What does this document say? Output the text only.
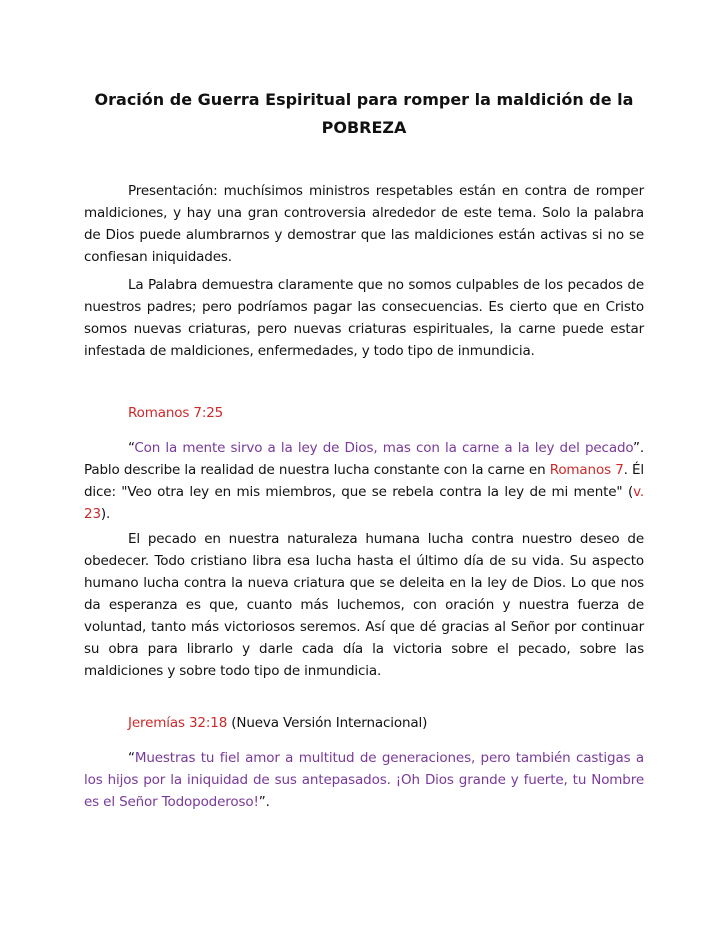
Oración de Guerra Espiritual para romper la maldición de la POBREZA

Presentación: muchísimos ministros respetables están en contra de romper maldiciones, y hay una gran controversia alrededor de este tema. Solo la palabra de Dios puede alumbrarnos y demostrar que las maldiciones están activas si no se confiesan iniquidades.

La Palabra demuestra claramente que no somos culpables de los pecados de nuestros padres; pero podríamos pagar las consecuencias. Es cierto que en Cristo somos nuevas criaturas, pero nuevas criaturas espirituales, la carne puede estar infestada de maldiciones, enfermedades, y todo tipo de inmundicia.

Romanos 7:25

“Con la mente sirvo a la ley de Dios, mas con la carne a la ley del pecado”. Pablo describe la realidad de nuestra lucha constante con la carne en Romanos 7. Él dice: "Veo otra ley en mis miembros, que se rebela contra la ley de mi mente" (v. 23).

El pecado en nuestra naturaleza humana lucha contra nuestro deseo de obedecer. Todo cristiano libra esa lucha hasta el último día de su vida. Su aspecto humano lucha contra la nueva criatura que se deleita en la ley de Dios. Lo que nos da esperanza es que, cuanto más luchemos, con oración y nuestra fuerza de voluntad, tanto más victoriosos seremos. Así que dé gracias al Señor por continuar su obra para librarlo y darle cada día la victoria sobre el pecado, sobre las maldiciones y sobre todo tipo de inmundicia.

Jeremías 32:18 (Nueva Versión Internacional)

“Muestras tu fiel amor a multitud de generaciones, pero también castigas a los hijos por la iniquidad de sus antepasados. ¡Oh Dios grande y fuerte, tu Nombre es el Señor Todopoderoso!”.
